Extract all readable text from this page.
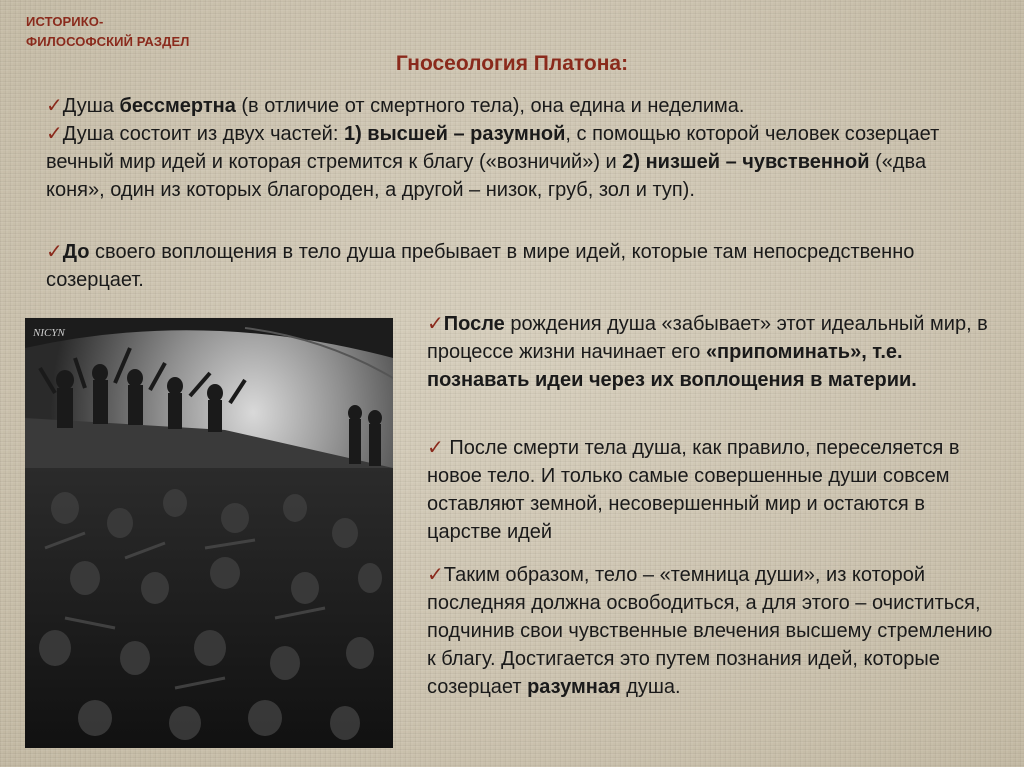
ИСТОРИКО-
ФИЛОСОФСКИЙ РАЗДЕЛ
Гносеология Платона:

✓Душа бессмертна (в отличие от смертного тела), она едина и неделима.

✓Душа состоит из двух частей: 1) высшей – разумной, с помощью которой человек созерцает вечный мир идей и которая стремится к благу («возничий») и 2) низшей – чувственной («два коня», один из которых благороден, а другой – низок, груб, зол и туп).

✓До своего воплощения в тело душа пребывает в мире идей, которые там непосредственно созерцает.

NICYN	✓После рождения душа «забывает» этот идеальный мир, в процессе жизни начинает его «припоминать», т.е. познавать идеи через их воплощения в материи.

✓ После смерти тела душа, как правило, переселяется в новое тело. И только самые совершенные души совсем оставляют земной, несовершенный мир и остаются в царстве идей

✓Таким образом, тело – «темница души», из которой последняя должна освободиться, а для этого – очиститься, подчинив свои чувственные влечения высшему стремлению к благу. Достигается это путем познания идей, которые созерцает разумная душа.
